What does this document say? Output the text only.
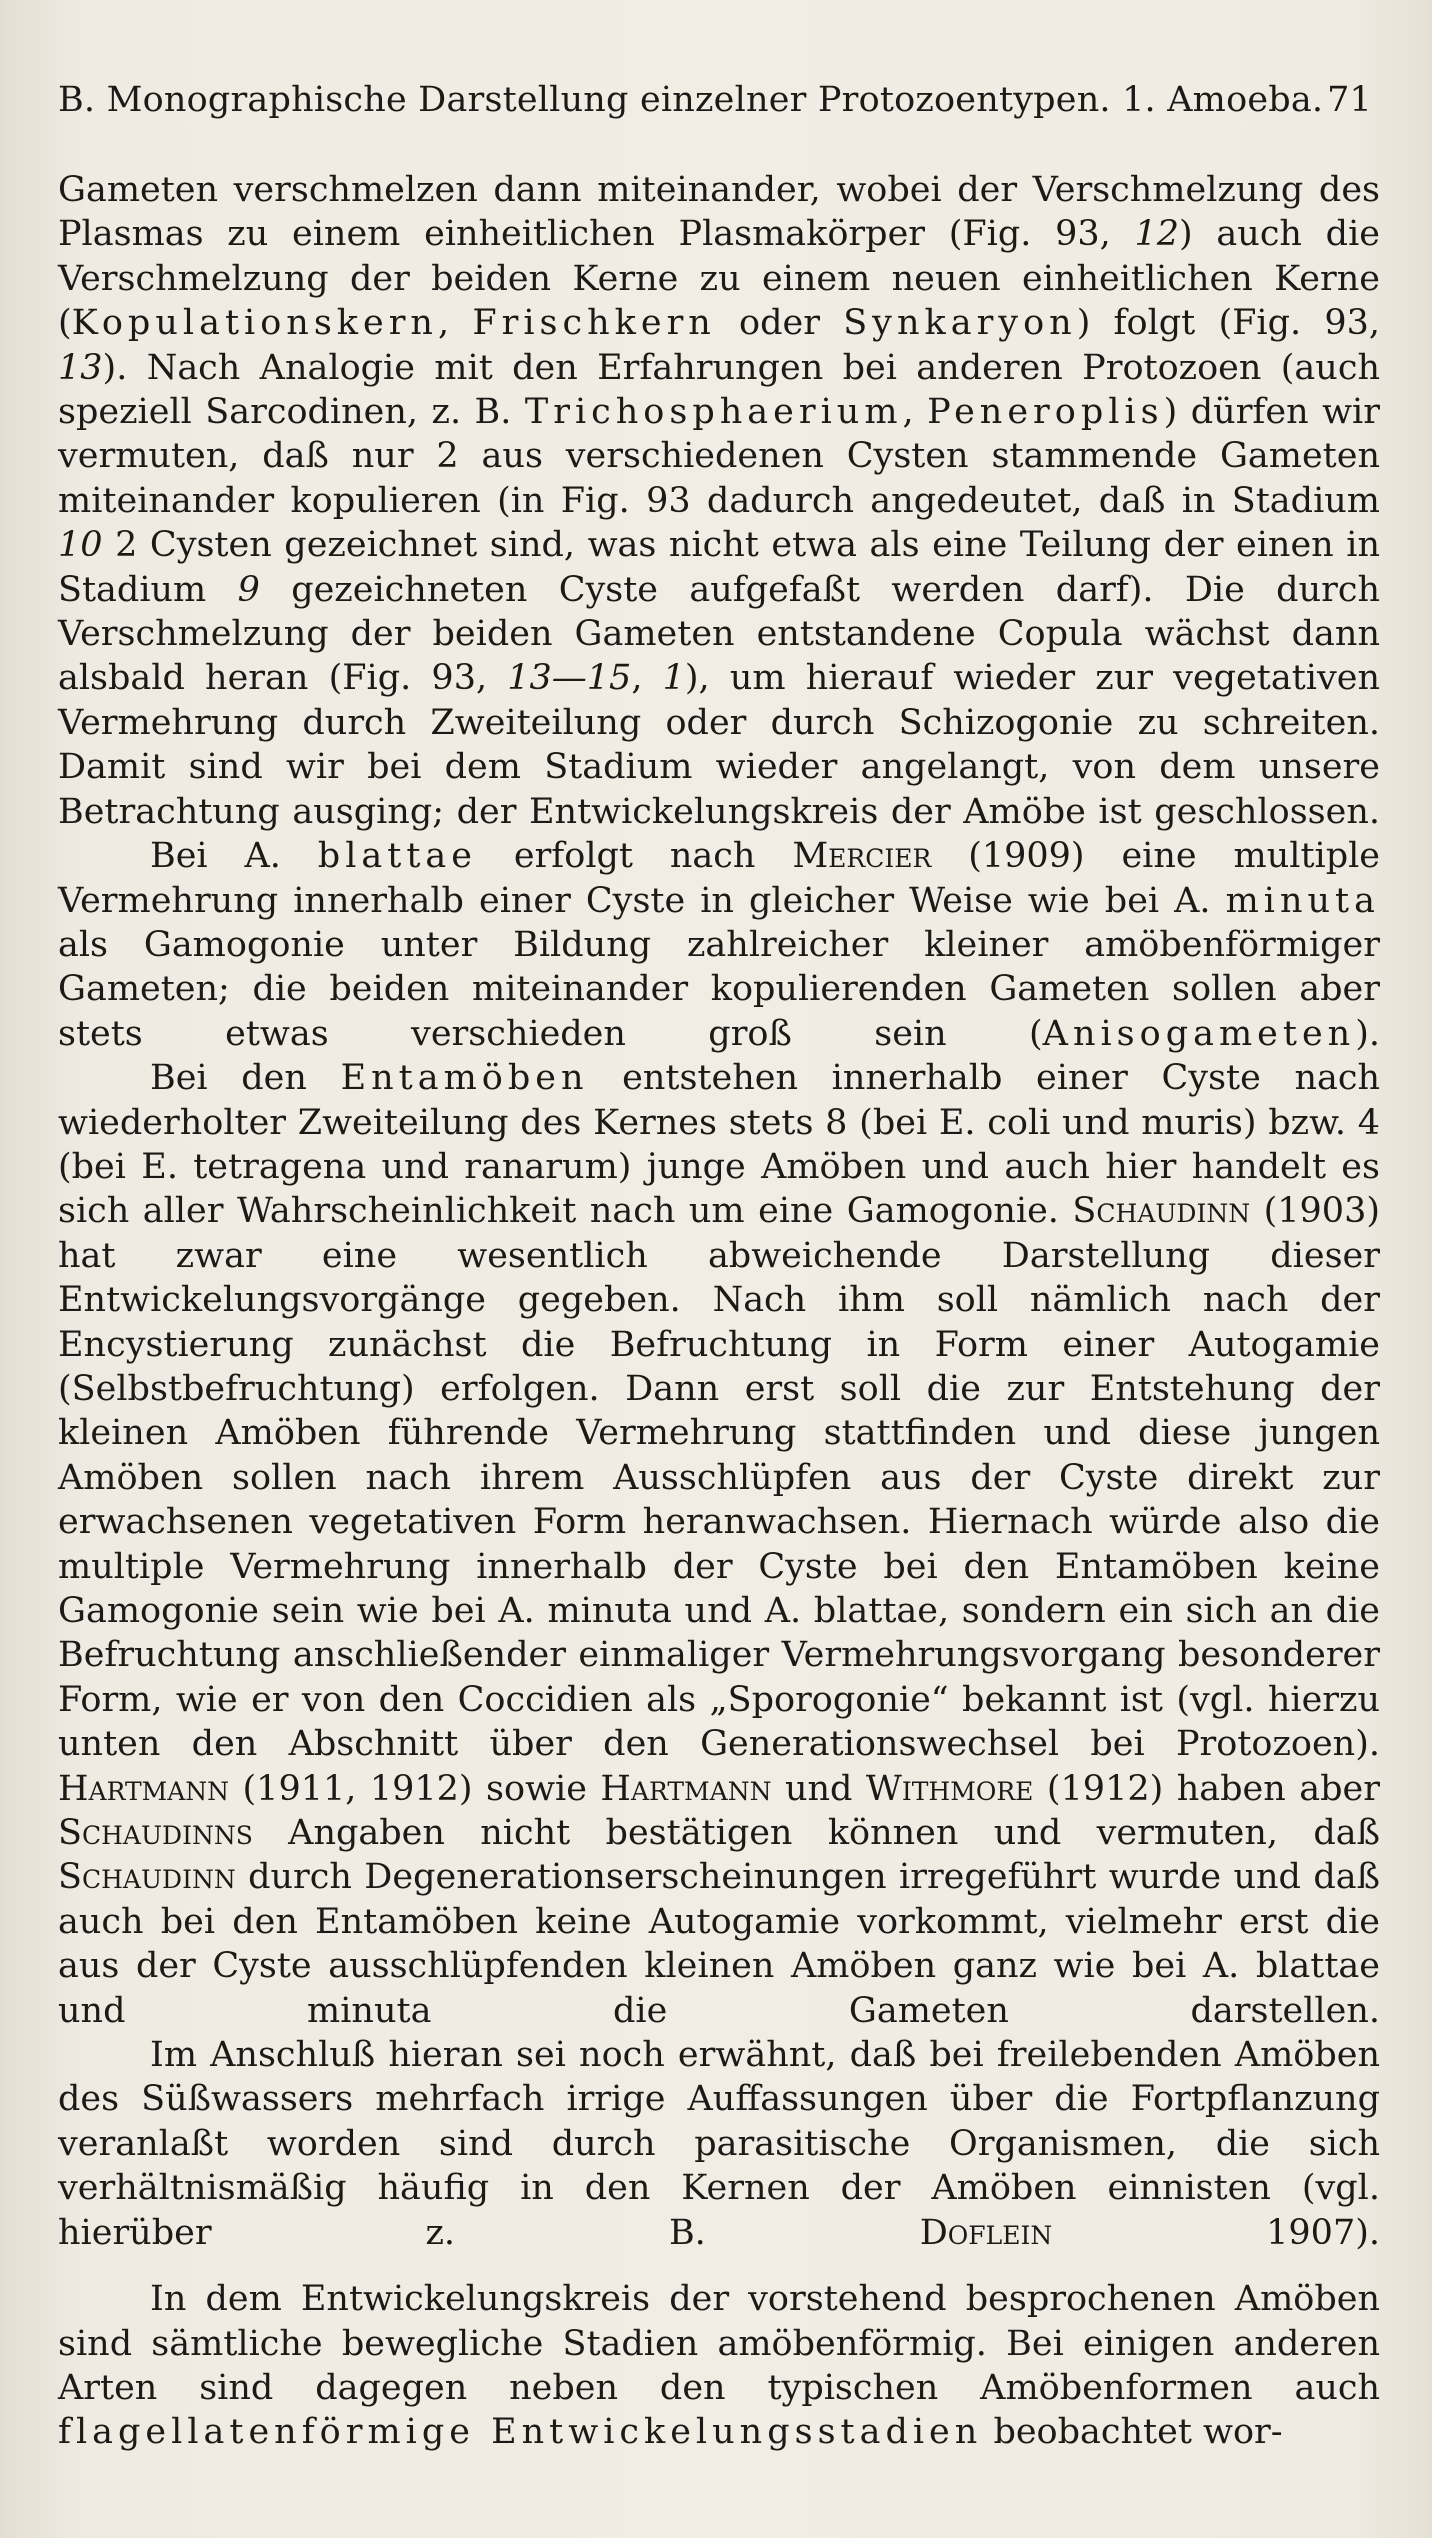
B. Monographische Darstellung einzelner Protozoentypen. 1. Amoeba. 71

Gameten verschmelzen dann miteinander, wobei der Verschmelzung des Plasmas zu einem einheitlichen Plasmakörper (Fig. 93, 12) auch die Verschmelzung der beiden Kerne zu einem neuen einheitlichen Kerne (Kopulationskern, Frischkern oder Synkaryon) folgt (Fig. 93, 13). Nach Analogie mit den Erfahrungen bei anderen Protozoen (auch speziell Sarcodinen, z. B. Trichosphaerium, Peneroplis) dürfen wir vermuten, daß nur 2 aus verschiedenen Cysten stammende Gameten miteinander kopulieren (in Fig. 93 dadurch angedeutet, daß in Stadium 10 2 Cysten gezeichnet sind, was nicht etwa als eine Teilung der einen in Stadium 9 gezeichneten Cyste aufgefaßt werden darf). Die durch Verschmelzung der beiden Gameten entstandene Copula wächst dann alsbald heran (Fig. 93, 13—15, 1), um hierauf wieder zur vegetativen Vermehrung durch Zweiteilung oder durch Schizogonie zu schreiten. Damit sind wir bei dem Stadium wieder angelangt, von dem unsere Betrachtung ausging; der Entwickelungskreis der Amöbe ist geschlossen.

Bei A. blattae erfolgt nach Mercier (1909) eine multiple Vermehrung innerhalb einer Cyste in gleicher Weise wie bei A. minuta als Gamogonie unter Bildung zahlreicher kleiner amöbenförmiger Gameten; die beiden miteinander kopulierenden Gameten sollen aber stets etwas verschieden groß sein (Anisogameten).

Bei den Entamöben entstehen innerhalb einer Cyste nach wiederholter Zweiteilung des Kernes stets 8 (bei E. coli und muris) bzw. 4 (bei E. tetragena und ranarum) junge Amöben und auch hier handelt es sich aller Wahrscheinlichkeit nach um eine Gamogonie. Schaudinn (1903) hat zwar eine wesentlich abweichende Darstellung dieser Entwickelungsvorgänge gegeben. Nach ihm soll nämlich nach der Encystierung zunächst die Befruchtung in Form einer Autogamie (Selbstbefruchtung) erfolgen. Dann erst soll die zur Entstehung der kleinen Amöben führende Vermehrung stattfinden und diese jungen Amöben sollen nach ihrem Ausschlüpfen aus der Cyste direkt zur erwachsenen vegetativen Form heranwachsen. Hiernach würde also die multiple Vermehrung innerhalb der Cyste bei den Entamöben keine Gamogonie sein wie bei A. minuta und A. blattae, sondern ein sich an die Befruchtung anschließender einmaliger Vermehrungsvorgang besonderer Form, wie er von den Coccidien als „Sporogonie“ bekannt ist (vgl. hierzu unten den Abschnitt über den Generationswechsel bei Protozoen). Hartmann (1911, 1912) sowie Hartmann und Withmore (1912) haben aber Schaudinns Angaben nicht bestätigen können und vermuten, daß Schaudinn durch Degenerationserscheinungen irregeführt wurde und daß auch bei den Entamöben keine Autogamie vorkommt, vielmehr erst die aus der Cyste ausschlüpfenden kleinen Amöben ganz wie bei A. blattae und minuta die Gameten darstellen.

Im Anschluß hieran sei noch erwähnt, daß bei freilebenden Amöben des Süßwassers mehrfach irrige Auffassungen über die Fortpflanzung veranlaßt worden sind durch parasitische Organismen, die sich verhältnismäßig häufig in den Kernen der Amöben einnisten (vgl. hierüber z. B. Doflein 1907).

In dem Entwickelungskreis der vorstehend besprochenen Amöben sind sämtliche bewegliche Stadien amöbenförmig. Bei einigen anderen Arten sind dagegen neben den typischen Amöbenformen auch flagellatenförmige Entwickelungsstadien beobachtet wor-
